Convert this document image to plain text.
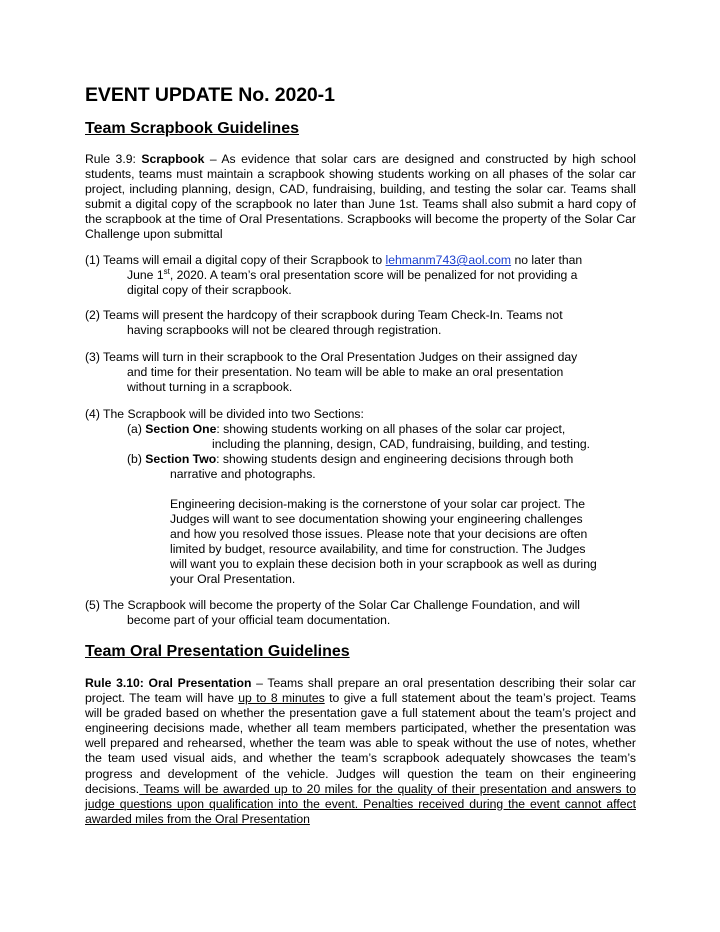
EVENT UPDATE No. 2020-1
Team Scrapbook Guidelines
Rule 3.9: Scrapbook – As evidence that solar cars are designed and constructed by high school students, teams must maintain a scrapbook showing students working on all phases of the solar car project, including planning, design, CAD, fundraising, building, and testing the solar car. Teams shall submit a digital copy of the scrapbook no later than June 1st. Teams shall also submit a hard copy of the scrapbook at the time of Oral Presentations. Scrapbooks will become the property of the Solar Car Challenge upon submittal
(1) Teams will email a digital copy of their Scrapbook to lehmanm743@aol.com no later than
June 1st, 2020. A team’s oral presentation score will be penalized for not providing a
digital copy of their scrapbook.
(2) Teams will present the hardcopy of their scrapbook during Team Check-In. Teams not
having scrapbooks will not be cleared through registration.
(3) Teams will turn in their scrapbook to the Oral Presentation Judges on their assigned day
and time for their presentation. No team will be able to make an oral presentation
without turning in a scrapbook.
(4) The Scrapbook will be divided into two Sections:
(a) Section One: showing students working on all phases of the solar car project,
including the planning, design, CAD, fundraising, building, and testing.
(b) Section Two: showing students design and engineering decisions through both
narrative and photographs.
Engineering decision-making is the cornerstone of your solar car project. The
Judges will want to see documentation showing your engineering challenges
and how you resolved those issues. Please note that your decisions are often
limited by budget, resource availability, and time for construction. The Judges
will want you to explain these decision both in your scrapbook as well as during
your Oral Presentation.
(5) The Scrapbook will become the property of the Solar Car Challenge Foundation, and will
become part of your official team documentation.
Team Oral Presentation Guidelines
Rule 3.10: Oral Presentation – Teams shall prepare an oral presentation describing their solar car project. The team will have up to 8 minutes to give a full statement about the team’s project. Teams will be graded based on whether the presentation gave a full statement about the team’s project and engineering decisions made, whether all team members participated, whether the presentation was well prepared and rehearsed, whether the team was able to speak without the use of notes, whether the team used visual aids, and whether the team’s scrapbook adequately showcases the team’s progress and development of the vehicle. Judges will question the team on their engineering decisions. Teams will be awarded up to 20 miles for the quality of their presentation and answers to judge questions upon qualification into the event. Penalties received during the event cannot affect awarded miles from the Oral Presentation
